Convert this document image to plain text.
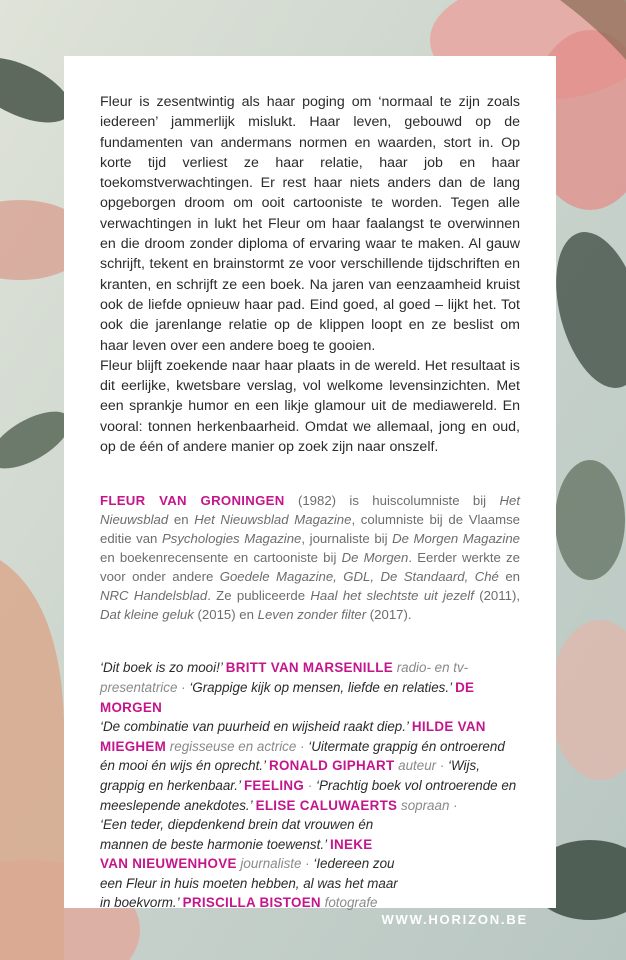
Fleur is zesentwintig als haar poging om ‘normaal te zijn zoals iedereen’ jammerlijk mislukt. Haar leven, gebouwd op de fundamenten van andermans normen en waarden, stort in. Op korte tijd verliest ze haar relatie, haar job en haar toekomstverwachtingen. Er rest haar niets anders dan de lang opgeborgen droom om ooit cartooniste te worden. Tegen alle verwachtingen in lukt het Fleur om haar faalangst te overwinnen en die droom zonder diploma of ervaring waar te maken. Al gauw schrijft, tekent en brainstormt ze voor verschillende tijdschriften en kranten, en schrijft ze een boek. Na jaren van eenzaamheid kruist ook de liefde opnieuw haar pad. Eind goed, al goed – lijkt het. Tot ook die jarenlange relatie op de klippen loopt en ze beslist om haar leven over een andere boeg te gooien.

Fleur blijft zoekende naar haar plaats in de wereld. Het resultaat is dit eerlijke, kwetsbare verslag, vol welkome levensinzichten. Met een sprankje humor en een likje glamour uit de mediawereld. En vooral: tonnen herkenbaarheid. Omdat we allemaal, jong en oud, op de één of andere manier op zoek zijn naar onszelf.

FLEUR VAN GRONINGEN (1982) is huiscolumniste bij Het Nieuwsblad en Het Nieuwsblad Magazine, columniste bij de Vlaamse editie van Psychologies Magazine, journaliste bij De Morgen Magazine en boekenrecensente en cartooniste bij De Morgen. Eerder werkte ze voor onder andere Goedele Magazine, GDL, De Standaard, Ché en NRC Handelsblad. Ze publiceerde Haal het slechtste uit jezelf (2011), Dat kleine geluk (2015) en Leven zonder filter (2017).
‘Dit boek is zo mooi!’ BRITT VAN MARSENILLE radio- en tv-presentatrice · ‘Grappige kijk op mensen, liefde en relaties.’ DE MORGEN
‘De combinatie van puurheid en wijsheid raakt diep.’ HILDE VAN MIEGHEM regisseuse en actrice · ‘Uitermate grappig én ontroerend én mooi én wijs én oprecht.’ RONALD GIPHART auteur · ‘Wijs, grappig en herkenbaar.’ FEELING · ‘Prachtig boek vol ontroerende en meeslepende anekdotes.’ ELISE CALUWAERTS sopraan ·
‘Een teder, diepdenkend brein dat vrouwen én mannen de beste harmonie toewenst.’ INEKE VAN NIEUWENHOVE journaliste · ‘Iedereen zou een Fleur in huis moeten hebben, al was het maar in boekvorm.’ PRISCILLA BISTOEN fotografe
WWW.HORIZON.BE
